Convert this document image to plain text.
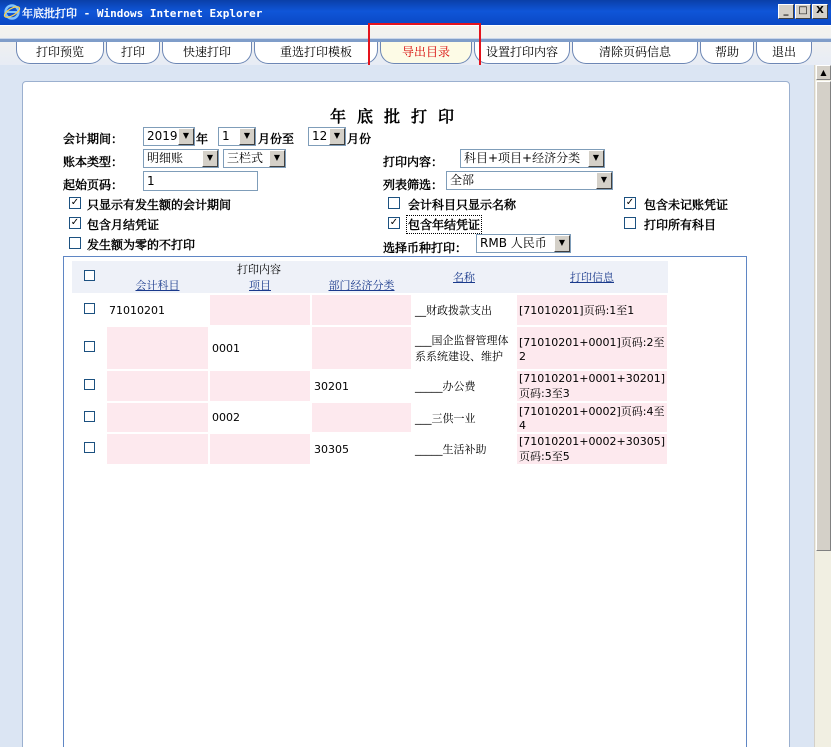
年底批打印 - Windows Internet Explorer	_ □ X
打印预览	打印	快速打印	重选打印模板	导出目录	设置打印内容	清除页码信息	帮助	退出
年底批打印
会计期间：	2019 ▼ 年	1	▼ 月份至	12 ▼ 月份
账本类型：	明细账	▼	三栏式	▼	打印内容：	科目+项目+经济分类	▼
起始页码：	1	列表筛选： 全部	▼
✓ 只显示有发生额的会计期间
✓ 包含月结凭证
发生额为零的不打印
会计科目只显示名称
✓ 包含年结凭证
✓ 包含未记账凭证
打印所有科目
选择币种打印：	RMB 人民币	▼
	打印内容			名称	打印信息
	会计科目	项目	部门经济分类		
	71010201			__财政拨款支出	[71010201]页码:1至1
		0001		___国企监督管理体系系统建设、维护	[71010201+0001]页码:2至2
			30201	_____办公费	[71010201+0001+30201]页码:3至3
		0002		___三供一业	[71010201+0002]页码:4至4
			30305	_____生活补助	[71010201+0002+30305]页码:5至5
▲
